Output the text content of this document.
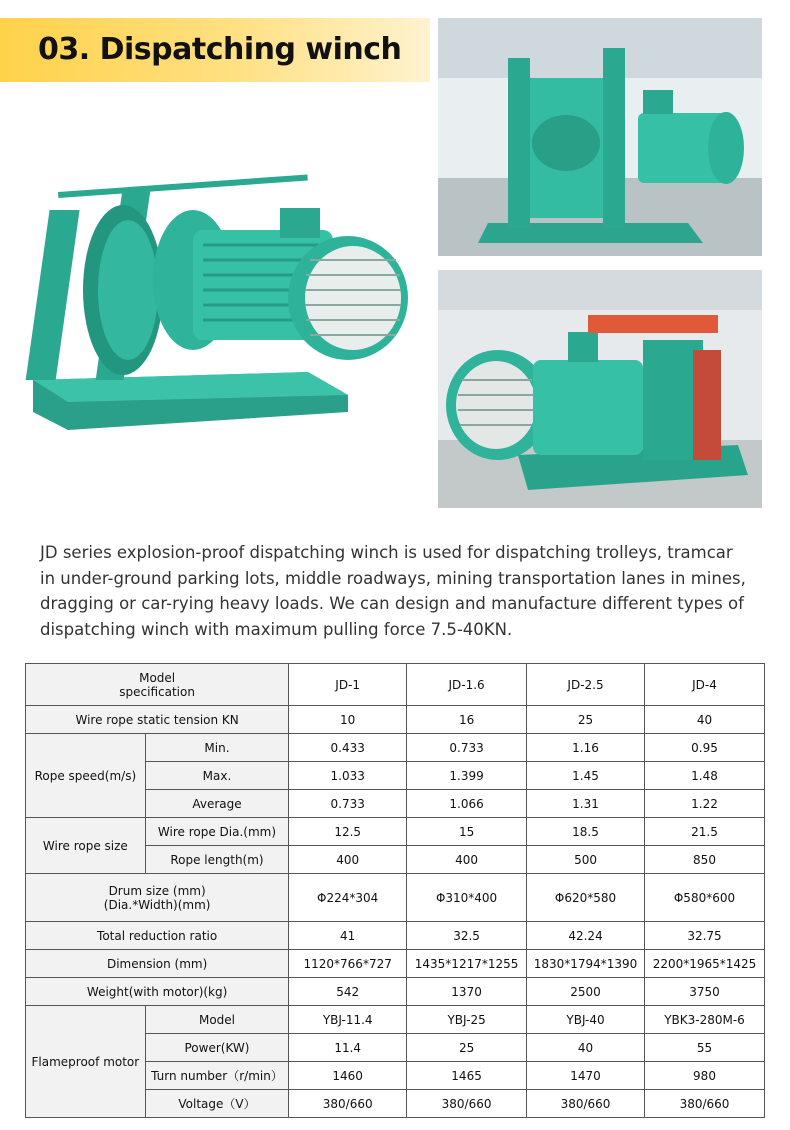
03. Dispatching winch
JD series explosion-proof dispatching winch is used for dispatching trolleys, tramcar in under-ground parking lots, middle roadways, mining transportation lanes in mines, dragging or car-rying heavy loads. We can design and manufacture different types of dispatching winch with maximum pulling force 7.5-40KN.
Model
specification		JD-1	JD-1.6	JD-2.5	JD-4
Wire rope static tension KN		10	16	25	40
Rope speed(m/s)	Min.	0.433	0.733	1.16	0.95
	Max.	1.033	1.399	1.45	1.48
	Average	0.733	1.066	1.31	1.22
Wire rope size	Wire rope Dia.(mm)	12.5	15	18.5	21.5
	Rope length(m)	400	400	500	850

Drum size (mm)
(Dia.*Width)(mm)		Φ224*304	Φ310*400	Φ620*580	Φ580*600
Total reduction ratio		41	32.5	42.24	32.75
Dimension (mm)		1120*766*727	1435*1217*1255	1830*1794*1390	2200*1965*1425
Weight(with motor)(kg)		542	1370	2500	3750
Flameproof motor	Model	YBJ-11.4	YBJ-25	YBJ-40	YBK3-280M-6
	Power(KW)	11.4	25	40	55
	Turn number（r/min）	1460	1465	1470	980
	Voltage（V）	380/660	380/660	380/660	380/660
